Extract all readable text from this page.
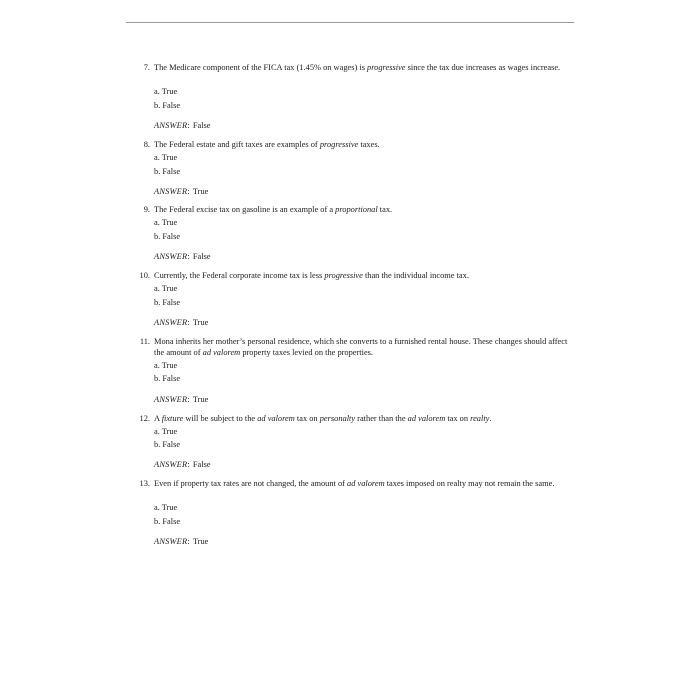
7. The Medicare component of the FICA tax (1.45% on wages) is progressive since the tax due increases as wages increase.
a. True
b. False
ANSWER : False
8. The Federal estate and gift taxes are examples of progressive taxes.
a. True
b. False
ANSWER : True
9. The Federal excise tax on gasoline is an example of a proportional tax.
a. True
b. False
ANSWER : False
10. Currently, the Federal corporate income tax is less progressive than the individual income tax.
a. True
b. False
ANSWER : True
11. Mona inherits her mother’s personal residence, which she converts to a furnished rental house. These changes should affect the amount of ad valorem property taxes levied on the properties.
a. True
b. False
ANSWER : True
12. A fixture will be subject to the ad valorem tax on personalty rather than the ad valorem tax on realty.
a. True
b. False
ANSWER : False
13. Even if property tax rates are not changed, the amount of ad valorem taxes imposed on realty may not remain the same.
a. True
b. False
ANSWER : True
